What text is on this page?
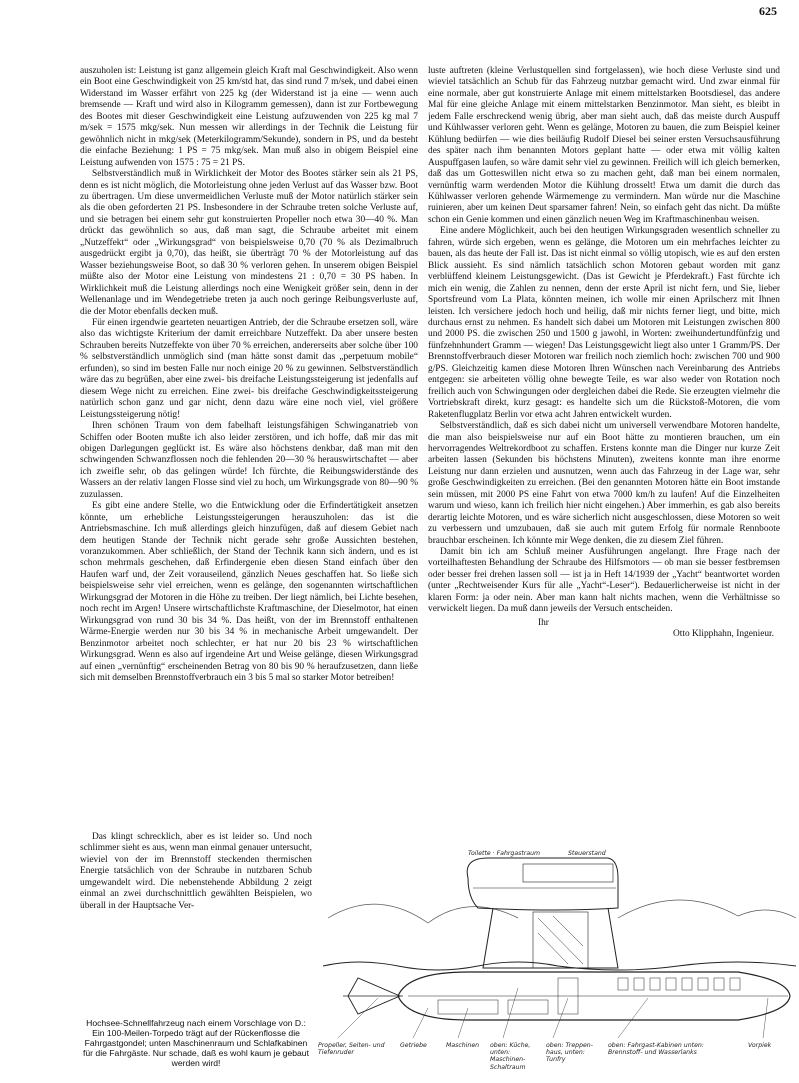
625

auszuholen ist: Leistung ist ganz allgemein gleich Kraft mal Geschwindigkeit. Also wenn ein Boot eine Geschwindigkeit von 25 km/std hat, das sind rund 7 m/sek, und dabei einen Widerstand im Wasser erfährt von 225 kg (der Widerstand ist ja eine — wenn auch bremsende — Kraft und wird also in Kilogramm gemessen), dann ist zur Fortbewegung des Bootes mit dieser Geschwindigkeit eine Leistung aufzuwenden von 225 kg mal 7 m/sek = 1575 mkg/sek. Nun messen wir allerdings in der Technik die Leistung für gewöhnlich nicht in mkg/sek (Meterkilogramm/Sekunde), sondern in PS, und da besteht die einfache Beziehung: 1 PS = 75 mkg/sek. Man muß also in obigem Beispiel eine Leistung aufwenden von 1575 : 75 = 21 PS.

Selbstverständlich muß in Wirklichkeit der Motor des Bootes stärker sein als 21 PS, denn es ist nicht möglich, die Motorleistung ohne jeden Verlust auf das Wasser bzw. Boot zu übertragen. Um diese unvermeidlichen Verluste muß der Motor natürlich stärker sein als die oben geforderten 21 PS. Insbesondere in der Schraube treten solche Verluste auf, und sie betragen bei einem sehr gut konstruierten Propeller noch etwa 30—40 %. Man drückt das gewöhnlich so aus, daß man sagt, die Schraube arbeitet mit einem „Nutzeffekt“ oder „Wirkungsgrad“ von beispielsweise 0,70 (70 % als Dezimalbruch ausgedrückt ergibt ja 0,70), das heißt, sie überträgt 70 % der Motorleistung auf das Wasser beziehungsweise Boot, so daß 30 % verloren gehen. In unserem obigen Beispiel müßte also der Motor eine Leistung von mindestens 21 : 0,70 = 30 PS haben. In Wirklichkeit muß die Leistung allerdings noch eine Wenigkeit größer sein, denn in der Wellenanlage und im Wendegetriebe treten ja auch noch geringe Reibungsverluste auf, die der Motor ebenfalls decken muß.

Für einen irgendwie gearteten neuartigen Antrieb, der die Schraube ersetzen soll, wäre also das wichtigste Kriterium der damit erreichbare Nutzeffekt. Da aber unsere besten Schrauben bereits Nutzeffekte von über 70 % erreichen, andererseits aber solche über 100 % selbstverständlich unmöglich sind (man hätte sonst damit das „perpetuum mobile“ erfunden), so sind im besten Falle nur noch einige 20 % zu gewinnen. Selbstverständlich wäre das zu begrüßen, aber eine zwei- bis dreifache Leistungssteigerung ist jedenfalls auf diesem Wege nicht zu erreichen. Eine zwei- bis dreifache Geschwindigkeitssteigerung natürlich schon ganz und gar nicht, denn dazu wäre eine noch viel, viel größere Leistungssteigerung nötig!

Ihren schönen Traum von dem fabelhaft leistungsfähigen Schwinganatrieb von Schiffen oder Booten mußte ich also leider zerstören, und ich hoffe, daß mir das mit obigen Darlegungen geglückt ist. Es wäre also höchstens denkbar, daß man mit den schwingenden Schwanzflossen noch die fehlenden 20—30 % herauswirtschaftet — aber ich zweifle sehr, ob das gelingen würde! Ich fürchte, die Reibungswiderstände des Wassers an der relativ langen Flosse sind viel zu hoch, um Wirkungsgrade von 80—90 % zuzulassen.

Es gibt eine andere Stelle, wo die Entwicklung oder die Erfindertätigkeit ansetzen könnte, um erhebliche Leistungssteigerungen herauszuholen: das ist die Antriebsmaschine. Ich muß allerdings gleich hinzufügen, daß auf diesem Gebiet nach dem heutigen Stande der Technik nicht gerade sehr große Aussichten bestehen, voranzukommen. Aber schließlich, der Stand der Technik kann sich ändern, und es ist schon mehrmals geschehen, daß Erfindergenie eben diesen Stand einfach über den Haufen warf und, der Zeit vorauseilend, gänzlich Neues geschaffen hat. So ließe sich beispielsweise sehr viel erreichen, wenn es gelänge, den sogenannten wirtschaftlichen Wirkungsgrad der Motoren in die Höhe zu treiben. Der liegt nämlich, bei Lichte besehen, noch recht im Argen! Unsere wirtschaftlichste Kraftmaschine, der Dieselmotor, hat einen Wirkungsgrad von rund 30 bis 34 %. Das heißt, von der im Brennstoff enthaltenen Wärme-Energie werden nur 30 bis 34 % in mechanische Arbeit umgewandelt. Der Benzinmotor arbeitet noch schlechter, er hat nur 20 bis 23 % wirtschaftlichen Wirkungsgrad. Wenn es also auf irgendeine Art und Weise gelänge, diesen Wirkungsgrad auf einen „vernünftig“ erscheinenden Betrag von 80 bis 90 % heraufzusetzen, dann ließe sich mit demselben Brennstoffverbrauch ein 3 bis 5 mal so starker Motor betreiben!

Das klingt schrecklich, aber es ist leider so. Und noch schlimmer sieht es aus, wenn man einmal genauer untersucht, wieviel von der im Brennstoff steckenden thermischen Energie tatsächlich von der Schraube in nutzbaren Schub umgewandelt wird. Die nebenstehende Abbildung 2 zeigt einmal an zwei durchschnittlich gewählten Beispielen, wo überall in der Hauptsache Ver-

luste auftreten (kleine Verlustquellen sind fortgelassen), wie hoch diese Verluste sind und wieviel tatsächlich an Schub für das Fahrzeug nutzbar gemacht wird. Und zwar einmal für eine normale, aber gut konstruierte Anlage mit einem mittelstarken Bootsdiesel, das andere Mal für eine gleiche Anlage mit einem mittelstarken Benzinmotor. Man sieht, es bleibt in jedem Falle erschreckend wenig übrig, aber man sieht auch, daß das meiste durch Auspuff und Kühlwasser verloren geht. Wenn es gelänge, Motoren zu bauen, die zum Beispiel keiner Kühlung bedürfen — wie dies beiläufig Rudolf Diesel bei seiner ersten Versuchsausführung des später nach ihm benannten Motors geplant hatte — oder etwa mit völlig kalten Auspuffgasen laufen, so wäre damit sehr viel zu gewinnen. Freilich will ich gleich bemerken, daß das um Gotteswillen nicht etwa so zu machen geht, daß man bei einem normalen, vernünftig warm werdenden Motor die Kühlung drosselt! Etwa um damit die durch das Kühlwasser verloren gehende Wärmemenge zu vermindern. Man würde nur die Maschine ruinieren, aber um keinen Deut sparsamer fahren! Nein, so einfach geht das nicht. Da müßte schon ein Genie kommen und einen gänzlich neuen Weg im Kraftmaschinenbau weisen.

Eine andere Möglichkeit, auch bei den heutigen Wirkungsgraden wesentlich schneller zu fahren, würde sich ergeben, wenn es gelänge, die Motoren um ein mehrfaches leichter zu bauen, als das heute der Fall ist. Das ist nicht einmal so völlig utopisch, wie es auf den ersten Blick aussieht. Es sind nämlich tatsächlich schon Motoren gebaut worden mit ganz verblüffend kleinem Leistungsgewicht. (Das ist Gewicht je Pferdekraft.) Fast fürchte ich mich ein wenig, die Zahlen zu nennen, denn der erste April ist nicht fern, und Sie, lieber Sportsfreund vom La Plata, könnten meinen, ich wolle mir einen Aprilscherz mit Ihnen leisten. Ich versichere jedoch hoch und heilig, daß mir nichts ferner liegt, und bitte, mich durchaus ernst zu nehmen. Es handelt sich dabei um Motoren mit Leistungen zwischen 800 und 2000 PS. die zwischen 250 und 1500 g jawohl, in Worten: zweihundertundfünfzig und fünfzehnhundert Gramm — wiegen! Das Leistungsgewicht liegt also unter 1 Gramm/PS. Der Brennstoffverbrauch dieser Motoren war freilich noch ziemlich hoch: zwischen 700 und 900 g/PS. Gleichzeitig kamen diese Motoren Ihren Wünschen nach Vereinbarung des Antriebs entgegen: sie arbeiteten völlig ohne bewegte Teile, es war also weder von Rotation noch freilich auch von Schwingungen oder dergleichen dabei die Rede. Sie erzeugten vielmehr die Vortriebskraft direkt, kurz gesagt: es handelte sich um die Rückstoß-Motoren, die vom Raketenflugplatz Berlin vor etwa acht Jahren entwickelt wurden.

Selbstverständlich, daß es sich dabei nicht um universell verwendbare Motoren handelte, die man also beispielsweise nur auf ein Boot hätte zu montieren brauchen, um ein hervorragendes Weltrekordboot zu schaffen. Erstens konnte man die Dinger nur kurze Zeit arbeiten lassen (Sekunden bis höchstens Minuten), zweitens konnte man ihre enorme Leistung nur dann erzielen und ausnutzen, wenn auch das Fahrzeug in der Lage war, sehr große Geschwindigkeiten zu erreichen. (Bei den genannten Motoren hätte ein Boot imstande sein müssen, mit 2000 PS eine Fahrt von etwa 7000 km/h zu laufen! Auf die Einzelheiten warum und wieso, kann ich freilich hier nicht eingehen.) Aber immerhin, es gab also bereits derartig leichte Motoren, und es wäre sicherlich nicht ausgeschlossen, diese Motoren so weit zu verbessern und umzubauen, daß sie auch mit gutem Erfolg für normale Rennboote brauchbar erscheinen. Ich könnte mir Wege denken, die zu diesem Ziel führen.

Damit bin ich am Schluß meiner Ausführungen angelangt. Ihre Frage nach der vorteilhaftesten Behandlung der Schraube des Hilfsmotors — ob man sie besser festbremsen oder besser frei drehen lassen soll — ist ja in Heft 14/1939 der „Yacht“ beantwortet worden (unter „Rechtweisender Kurs für alle „Yacht“-Leser“). Bedauerlicherweise ist nicht in der klaren Form: ja oder nein. Aber man kann halt nichts machen, wenn die Verhältnisse so verwickelt liegen. Da muß dann jeweils der Versuch entscheiden.

Ihr
Otto Klipphahn, Ingenieur.
Toilette · Fahrgastraum	Steuerstand
Propeller, Seiten- und Tiefenruder
Getriebe	Maschinen	oben: Küche, unten: Maschinen- Schaltraum
oben: Treppen- haus, unten: Tunfry
oben: Fahrgast-Kabinen unten: Brennstoff- und Wasserlanks
Vorpiek
Hochsee-Schnellfahrzeug nach einem Vorschlage von D.: Ein 100-Meilen-Torpedo trägt auf der Rückenflosse die Fahrgastgondel; unten Maschinenraum und Schlafkabinen für die Fahrgäste. Nur schade, daß es wohl kaum je gebaut werden wird!
